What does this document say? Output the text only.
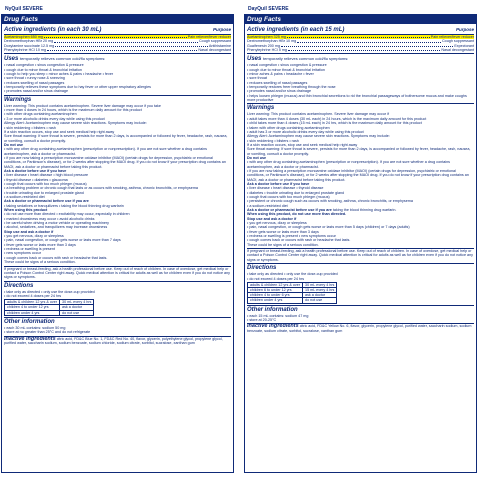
NyQuil SEVERE
Drug Facts
Active ingredients (in each 30 mL)	Purpose
Acetaminophen 650 mg	Pain reliever/fever reducer
Dextromethorphan HBr 20 mg	Cough suppressant
Doxylamine succinate 12.5 mg	Antihistamine
Phenylephrine HCl 10 mg	Nasal decongestant
Uses temporarily relieves common cold/flu symptoms:
• nasal congestion • sinus congestion & pressure
• cough due to minor throat & bronchial irritation
• cough to help you sleep • minor aches & pains • headache • fever
• sore throat • runny nose & sneezing
• reduces swelling of nasal passages
• temporarily relieves these symptoms due to hay fever or other upper respiratory allergies
• promotes nasal and/or sinus drainage
Warnings
Liver warning: This product contains acetaminophen. Severe liver damage may occur if you take
• more than 4 doses in 24 hours, which is the maximum daily amount for this product
• with other drugs containing acetaminophen
• 3 or more alcoholic drinks every day while using this product
Allergy Alert: Acetaminophen may cause severe skin reactions. Symptoms may include:
• skin reddening • blisters • rash
If a skin reaction occurs, stop use and seek medical help right away
Sore throat warning: If sore throat is severe, persists for more than 2 days, is accompanied or followed by fever, headache, rash, nausea, or vomiting, consult a doctor promptly.
Do not use
• with any other drug containing acetaminophen (prescription or nonprescription). If you are not sure whether a drug contains acetaminophen, ask a doctor or pharmacist.
• if you are now taking a prescription monoamine oxidase inhibitor (MAOI) (certain drugs for depression, psychiatric or emotional conditions, or Parkinson's disease), or for 2 weeks after stopping the MAOI drug. If you do not know if your prescription drug contains an MAOI, ask a doctor or pharmacist before taking this product.
Ask a doctor before use if you have
• liver disease • heart disease • high blood pressure
• thyroid disease • diabetes • glaucoma
• cough that occurs with too much phlegm (mucus)
• a breathing problem or chronic cough that lasts or as occurs with smoking, asthma, chronic bronchitis, or emphysema
• trouble urinating due to enlarged prostate gland
• a sodium-restricted diet
Ask a doctor or pharmacist before use if you are
• taking sedatives or tranquilizers • taking the blood thinning drug warfarin
When using this product
• do not use more than directed • excitability may occur, especially in children
• marked drowsiness may occur • avoid alcoholic drinks
• be careful when driving a motor vehicle or operating machinery
• alcohol, sedatives, and tranquilizers may increase drowsiness
Stop use and ask a doctor if
• you get nervous, dizzy or sleepless
• pain, nasal congestion, or cough gets worse or lasts more than 7 days
• fever gets worse or lasts more than 3 days
• redness or swelling is present
• new symptoms occur
• cough comes back or occurs with rash or headache that lasts.
These could be signs of a serious condition.
If pregnant or breast-feeding, ask a health professional before use. Keep out of reach of children. In case of overdose, get medical help or contact a Poison Control Center right away. Quick medical attention is critical for adults as well as for children even if you do not notice any signs or symptoms.
Directions
• take only as directed • only use the dose-cup provided
• do not exceed 4 doses per 24 hrs
adults & children 12 yrs & over	30 mL every 4 hrs
children 4 to under 12 yrs	ask a doctor
children under 4 yrs	do not use
Other information
• each 30 mL contains: sodium 50 mg
• store at no greater than 25°C and do not refrigerate
Inactive ingredients citric acid, FD&C Blue No. 1, FD&C Red No. 40, flavor, glycerin, polyethylene glycol, propylene glycol, purified water, saccharin sodium, sodium benzoate, sodium chloride, sodium citrate, sorbitol, sucralose, xanthan gum
DayQuil SEVERE
Drug Facts
Active ingredients (in each 15 mL)	Purpose
Acetaminophen 325 mg	Pain reliever/fever reducer
Dextromethorphan HBr 10 mg	Cough suppressant
Guaifenesin 200 mg	Expectorant
Phenylephrine HCl 5 mg	Nasal decongestant
Uses temporarily relieves common cold/flu symptoms:
• nasal congestion • sinus congestion & pressure
• cough due to minor throat & bronchial irritation
• minor aches & pains • headache • fever
• sore throat
• reduces swelling of nasal passages
• temporarily restores freer breathing through the nose
• promotes nasal and/or sinus drainage
• helps loosen phlegm (mucus) and thin bronchial secretions to rid the bronchial passageways of bothersome mucus and make coughs more productive
Warnings
Liver warning: This product contains acetaminophen. Severe liver damage may occur if
• adult takes more than 4 doses (30 mL each) in 24 hours, which is the maximum daily amount for this product
• child takes more than 4 doses (15 mL each) in 24 hrs, which is the maximum daily amount for this product
• taken with other drugs containing acetaminophen
• adult has 3 or more alcoholic drinks every day while using this product
Allergy Alert: Acetaminophen may cause severe skin reactions. Symptoms may include:
• skin reddening • blisters • rash
If a skin reaction occurs, stop use and seek medical help right away
Sore throat warning: If sore throat is severe, persists for more than 2 days, is accompanied or followed by fever, headache, rash, nausea, or vomiting, consult a doctor promptly.
Do not use
• with any other drug containing acetaminophen (prescription or nonprescription). If you are not sure whether a drug contains acetaminophen, ask a doctor or pharmacist.
• if you are now taking a prescription monoamine oxidase inhibitor (MAOI) (certain drugs for depression, psychiatric or emotional conditions, or Parkinson's disease), or for 2 weeks after stopping the MAOI drug. If you do not know if your prescription drug contains an MAOI, ask a doctor or pharmacist before taking this product.
Ask a doctor before use if you have
• liver disease • heart disease • thyroid disease
• diabetes • trouble urinating due to enlarged prostate gland
• cough that occurs with too much phlegm (mucus)
• persistent or chronic cough such as occurs with smoking, asthma, chronic bronchitis, or emphysema
• a sodium-restricted diet
Ask a doctor or pharmacist before use if you are taking the blood thinning drug warfarin.
When using this product, do not use more than directed.
Stop use and ask a doctor if
• you get nervous, dizzy or sleepless
• pain, nasal congestion, or cough gets worse or lasts more than 5 days (children) or 7 days (adults)
• fever gets worse or lasts more than 3 days
• redness or swelling is present • new symptoms occur
• cough comes back or occurs with rash or headache that lasts.
These could be signs of a serious condition.
If pregnant or breast-feeding, ask a health professional before use. Keep out of reach of children. In case of overdose, get medical help or contact a Poison Control Center right away. Quick medical attention is critical for adults as well as for children even if you do not notice any signs or symptoms.
Directions
• take only as directed • only use the dose-cup provided
• do not exceed 4 doses per 24 hrs
adults & children 12 yrs & over	30 mL every 4 hrs
children 6 to under 12 yrs	15 mL every 4 hrs
children 4 to under 6 yrs	ask a doctor
children under 4 yrs	do not use
Other information
• each 15 mL contains: sodium 47 mg
• store at 20-25°C
Inactive ingredients citric acid, FD&C Yellow No. 6, flavor, glycerin, propylene glycol, purified water, saccharin sodium, sodium benzoate, sodium citrate, sorbitol, sucralose, xanthan gum
